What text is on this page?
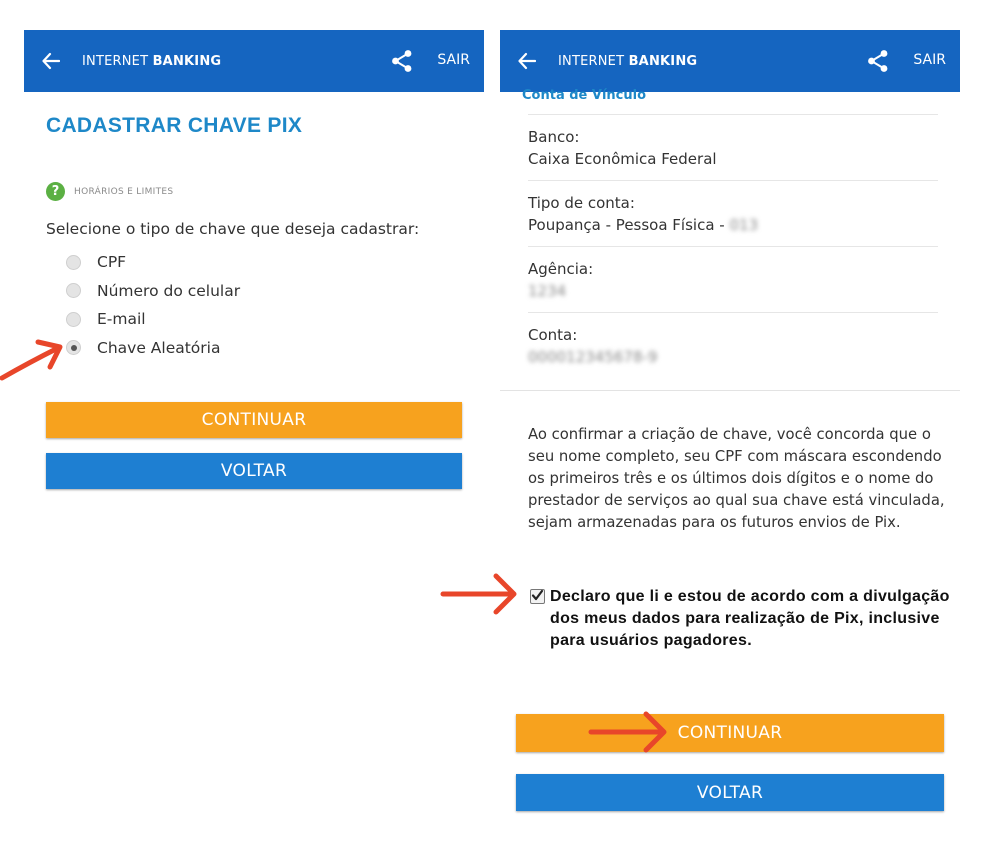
INTERNET BANKING	SAIR
CADASTRAR CHAVE PIX
?	HORÁRIOS E LIMITES
Selecione o tipo de chave que deseja cadastrar:
CPF
Número do celular
E-mail
Chave Aleatória
CONTINUAR
VOLTAR
INTERNET BANKING	SAIR
Conta de Vínculo
Banco:
Caixa Econômica Federal
Tipo de conta:
Poupança - Pessoa Física - 013
Agência:
1234
Conta:
000012345678-9
Ao confirmar a criação de chave, você concorda que o seu nome completo, seu CPF com máscara escondendo os primeiros três e os últimos dois dígitos e o nome do prestador de serviços ao qual sua chave está vinculada, sejam armazenadas para os futuros envios de Pix.
Declaro que li e estou de acordo com a divulgação dos meus dados para realização de Pix, inclusive para usuários pagadores.
CONTINUAR
VOLTAR
